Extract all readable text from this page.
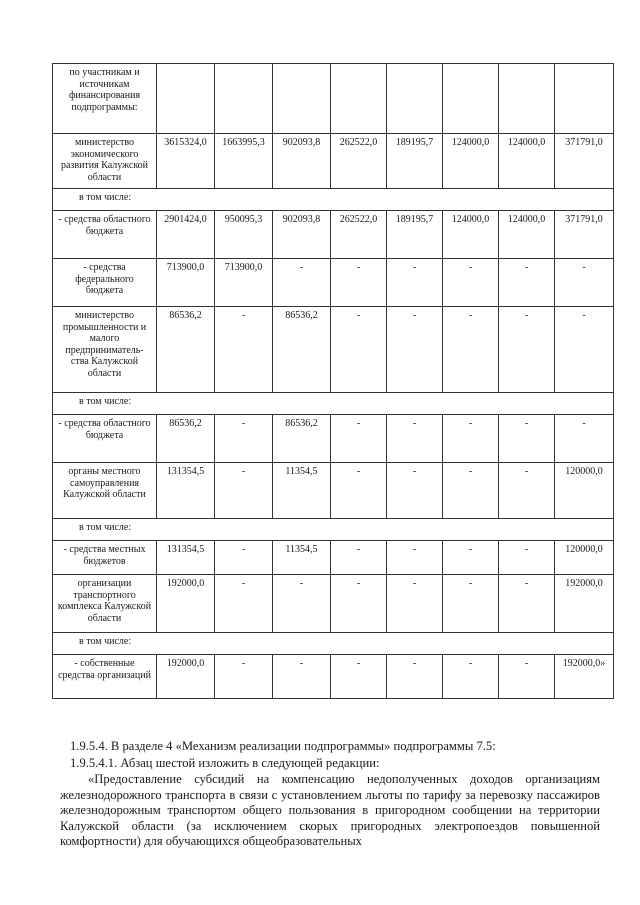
по участникам и источникам финансирования подпрограммы:								
министерство экономического развития Калужской области	3615324,0	1663995,3	902093,8	262522,0	189195,7	124000,0	124000,0	371791,0
в том числе:								
- средства областного бюджета	2901424,0	950095,3	902093,8	262522,0	189195,7	124000,0	124000,0	371791,0
- средства федерального бюджета	713900,0	713900,0	-	-	-	-	-	-
министерство промышленности и малого предприниматель-ства Калужской области	86536,2	-	86536,2	-	-	-	-	-
в том числе:								
- средства областного бюджета	86536,2	-	86536,2	-	-	-	-	-
органы местного самоуправления Калужской области	131354,5	-	11354,5	-	-	-	-	120000,0
в том числе:								
- средства местных бюджетов	131354,5	-	11354,5	-	-	-	-	120000,0
организации транспортного комплекса Калужской области	192000,0	-	-	-	-	-	-	192000,0
в том числе:								
- собственные средства организаций	192000,0	-	-	-	-	-	-	192000,0»
1.9.5.4. В разделе 4 «Механизм реализации подпрограммы» подпрограммы 7.5:
1.9.5.4.1. Абзац шестой изложить в следующей редакции:
«Предоставление субсидий на компенсацию недополученных доходов организациям железнодорожного транспорта в связи с установлением льготы по тарифу за перевозку пассажиров железнодорожным транспортом общего пользования в пригородном сообщении на территории Калужской области (за исключением скорых пригородных электропоездов повышенной комфортности) для обучающихся общеобразовательных
